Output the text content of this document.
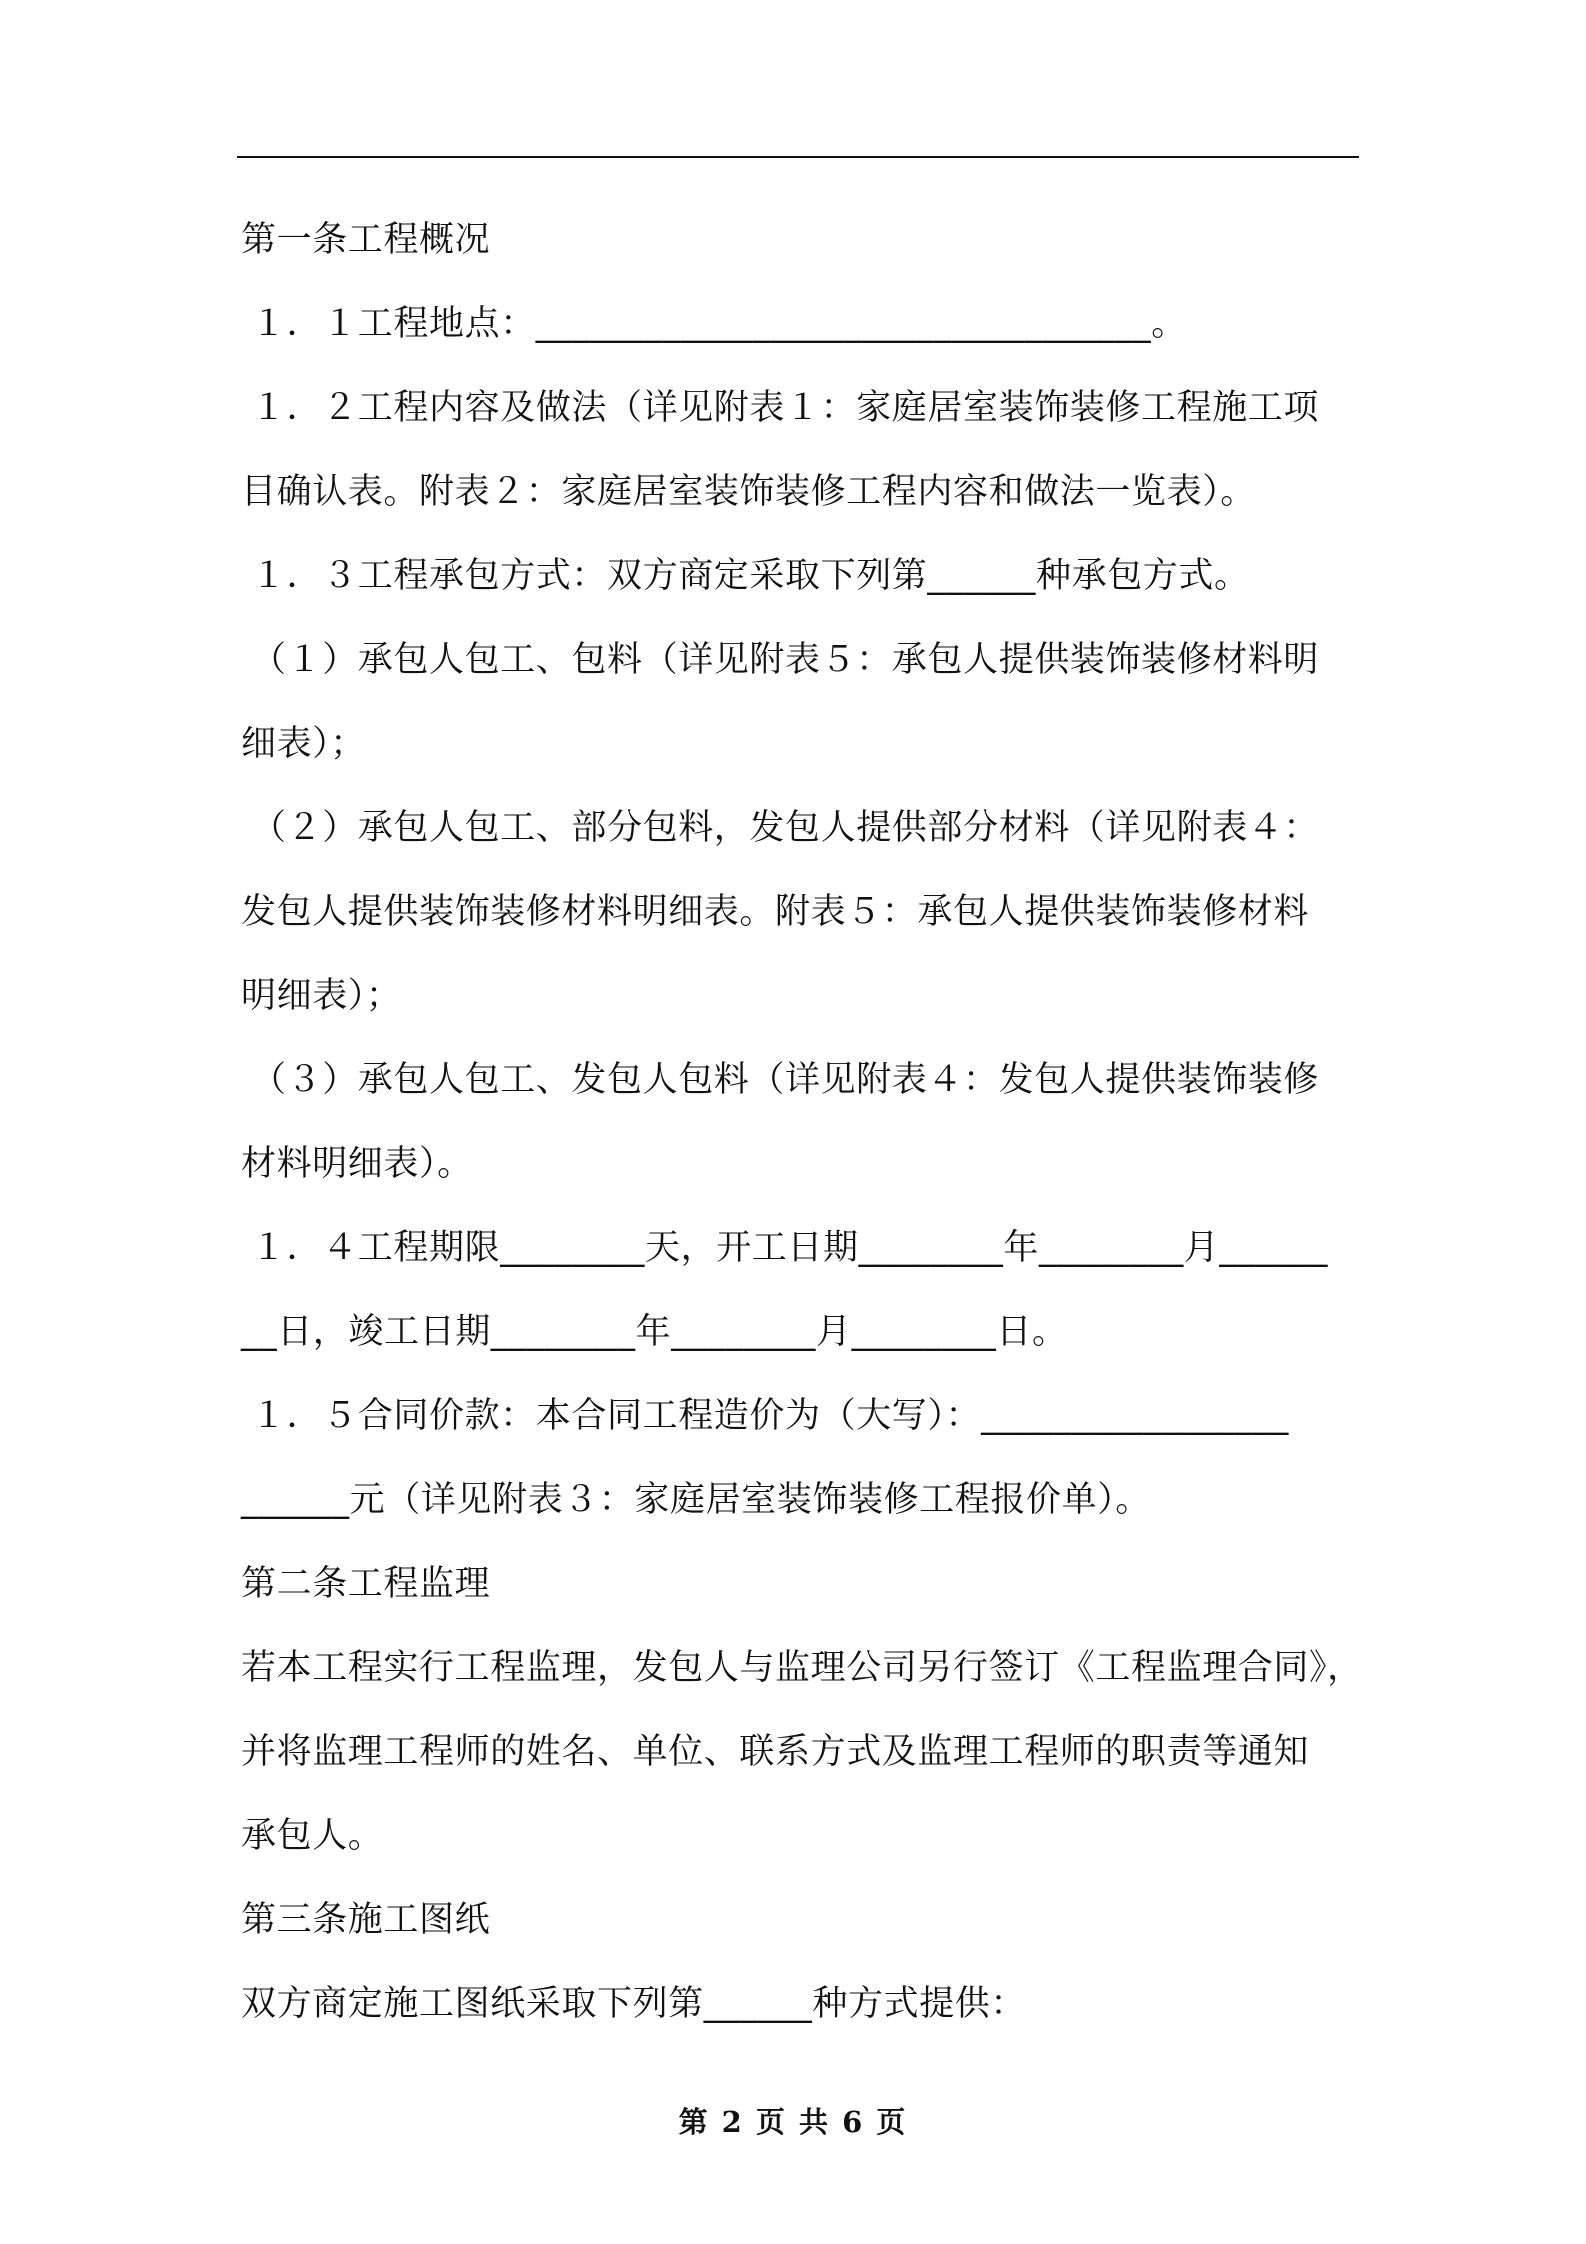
第一条工程概况
１．１工程地点：__________________________________。
１．２工程内容及做法（详见附表１：家庭居室装饰装修工程施工项
目确认表。附表２：家庭居室装饰装修工程内容和做法一览表）。
１．３工程承包方式：双方商定采取下列第______种承包方式。
（１）承包人包工、包料（详见附表５：承包人提供装饰装修材料明
细表）；
（２）承包人包工、部分包料，发包人提供部分材料（详见附表４：
发包人提供装饰装修材料明细表。附表５：承包人提供装饰装修材料
明细表）；
（３）承包人包工、发包人包料（详见附表４：发包人提供装饰装修
材料明细表）。
１．４工程期限________天，开工日期________年________月______
__日，竣工日期________年________月________日。
１．５合同价款：本合同工程造价为（大写）：_________________
______元（详见附表３：家庭居室装饰装修工程报价单）。
第二条工程监理
若本工程实行工程监理，发包人与监理公司另行签订《工程监理合同》，
并将监理工程师的姓名、单位、联系方式及监理工程师的职责等通知
承包人。
第三条施工图纸
双方商定施工图纸采取下列第______种方式提供：
第 2 页 共 6 页
